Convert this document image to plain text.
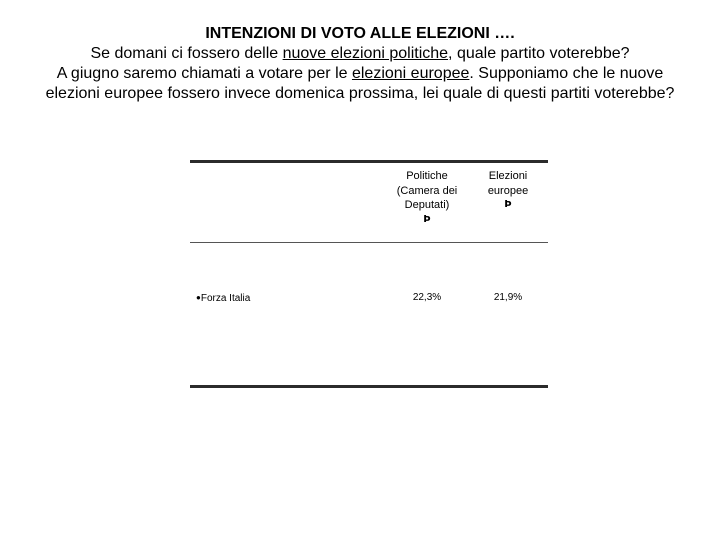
INTENZIONI DI VOTO ALLE ELEZIONI ….
Se domani ci fossero delle nuove elezioni politiche, quale partito voterebbe?
A giugno saremo chiamati a votare per le elezioni europee. Supponiamo che le nuove elezioni europee fossero invece domenica prossima, lei quale di questi partiti voterebbe?
Politiche (Camera dei Deputati)
Þ
Elezioni europee
Þ
●Forza Italia	22,3%	21,9%
